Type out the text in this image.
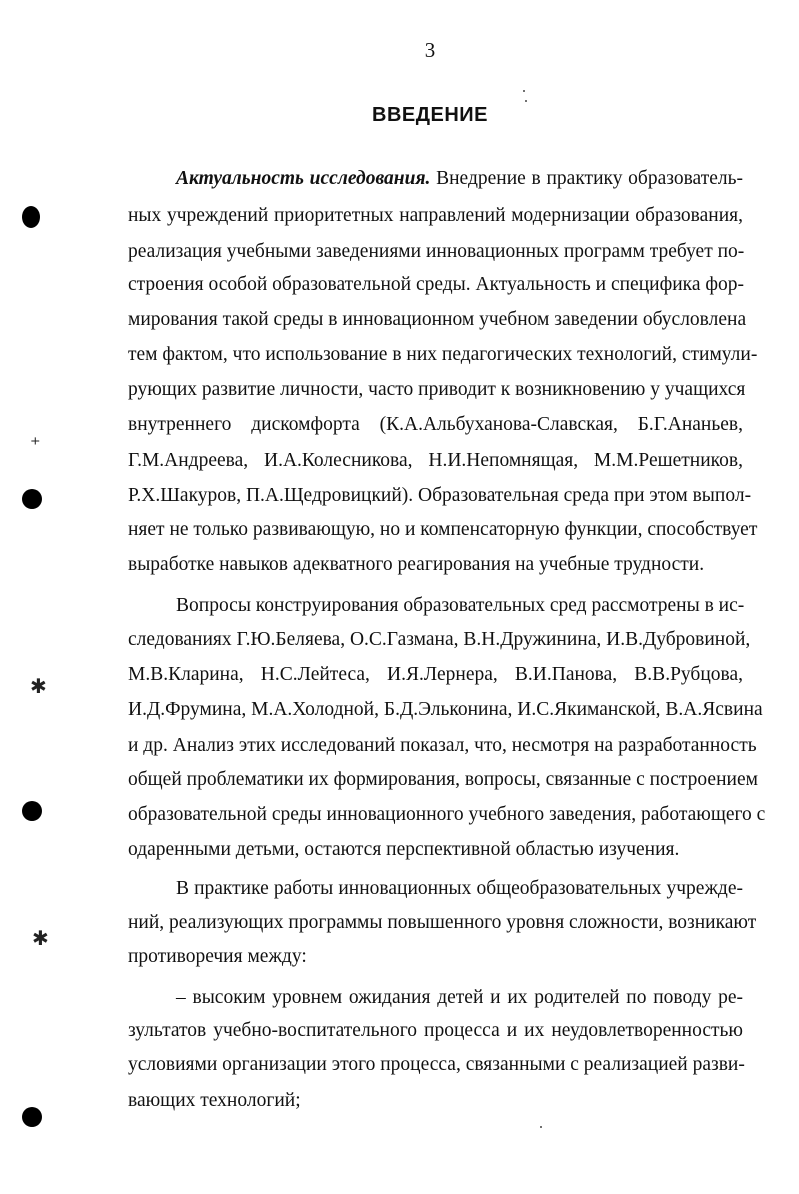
3
ВВЕДЕНИЕ
Актуальность исследования. Внедрение в практику образователь-
ных учреждений приоритетных направлений модернизации образования,
реализация учебными заведениями инновационных программ требует по-
строения особой образовательной среды. Актуальность и специфика фор-
мирования такой среды в инновационном учебном заведении обусловлена
тем фактом, что использование в них педагогических технологий, стимули-
рующих развитие личности, часто приводит к возникновению у учащихся
внутреннего дискомфорта (К.А.Альбуханова-Славская, Б.Г.Ананьев,
Г.М.Андреева, И.А.Колесникова, Н.И.Непомнящая, М.М.Решетников,
Р.Х.Шакуров, П.А.Щедровицкий). Образовательная среда при этом выпол-
няет не только развивающую, но и компенсаторную функции, способствует
выработке навыков адекватного реагирования на учебные трудности.
Вопросы конструирования образовательных сред рассмотрены в ис-
следованиях Г.Ю.Беляева, О.С.Газмана, В.Н.Дружинина, И.В.Дубровиной,
М.В.Кларина, Н.С.Лейтеса, И.Я.Лернера, В.И.Панова, В.В.Рубцова,
И.Д.Фрумина, М.А.Холодной, Б.Д.Эльконина, И.С.Якиманской, В.А.Ясвина
и др. Анализ этих исследований показал, что, несмотря на разработанность
общей проблематики их формирования, вопросы, связанные с построением
образовательной среды инновационного учебного заведения, работающего с
одаренными детьми, остаются перспективной областью изучения.
В практике работы инновационных общеобразовательных учрежде-
ний, реализующих программы повышенного уровня сложности, возникают
противоречия между:
– высоким уровнем ожидания детей и их родителей по поводу ре-
зультатов учебно-воспитательного процесса и их неудовлетворенностью
условиями организации этого процесса, связанными с реализацией разви-
вающих технологий;
⁺
✱
✱
